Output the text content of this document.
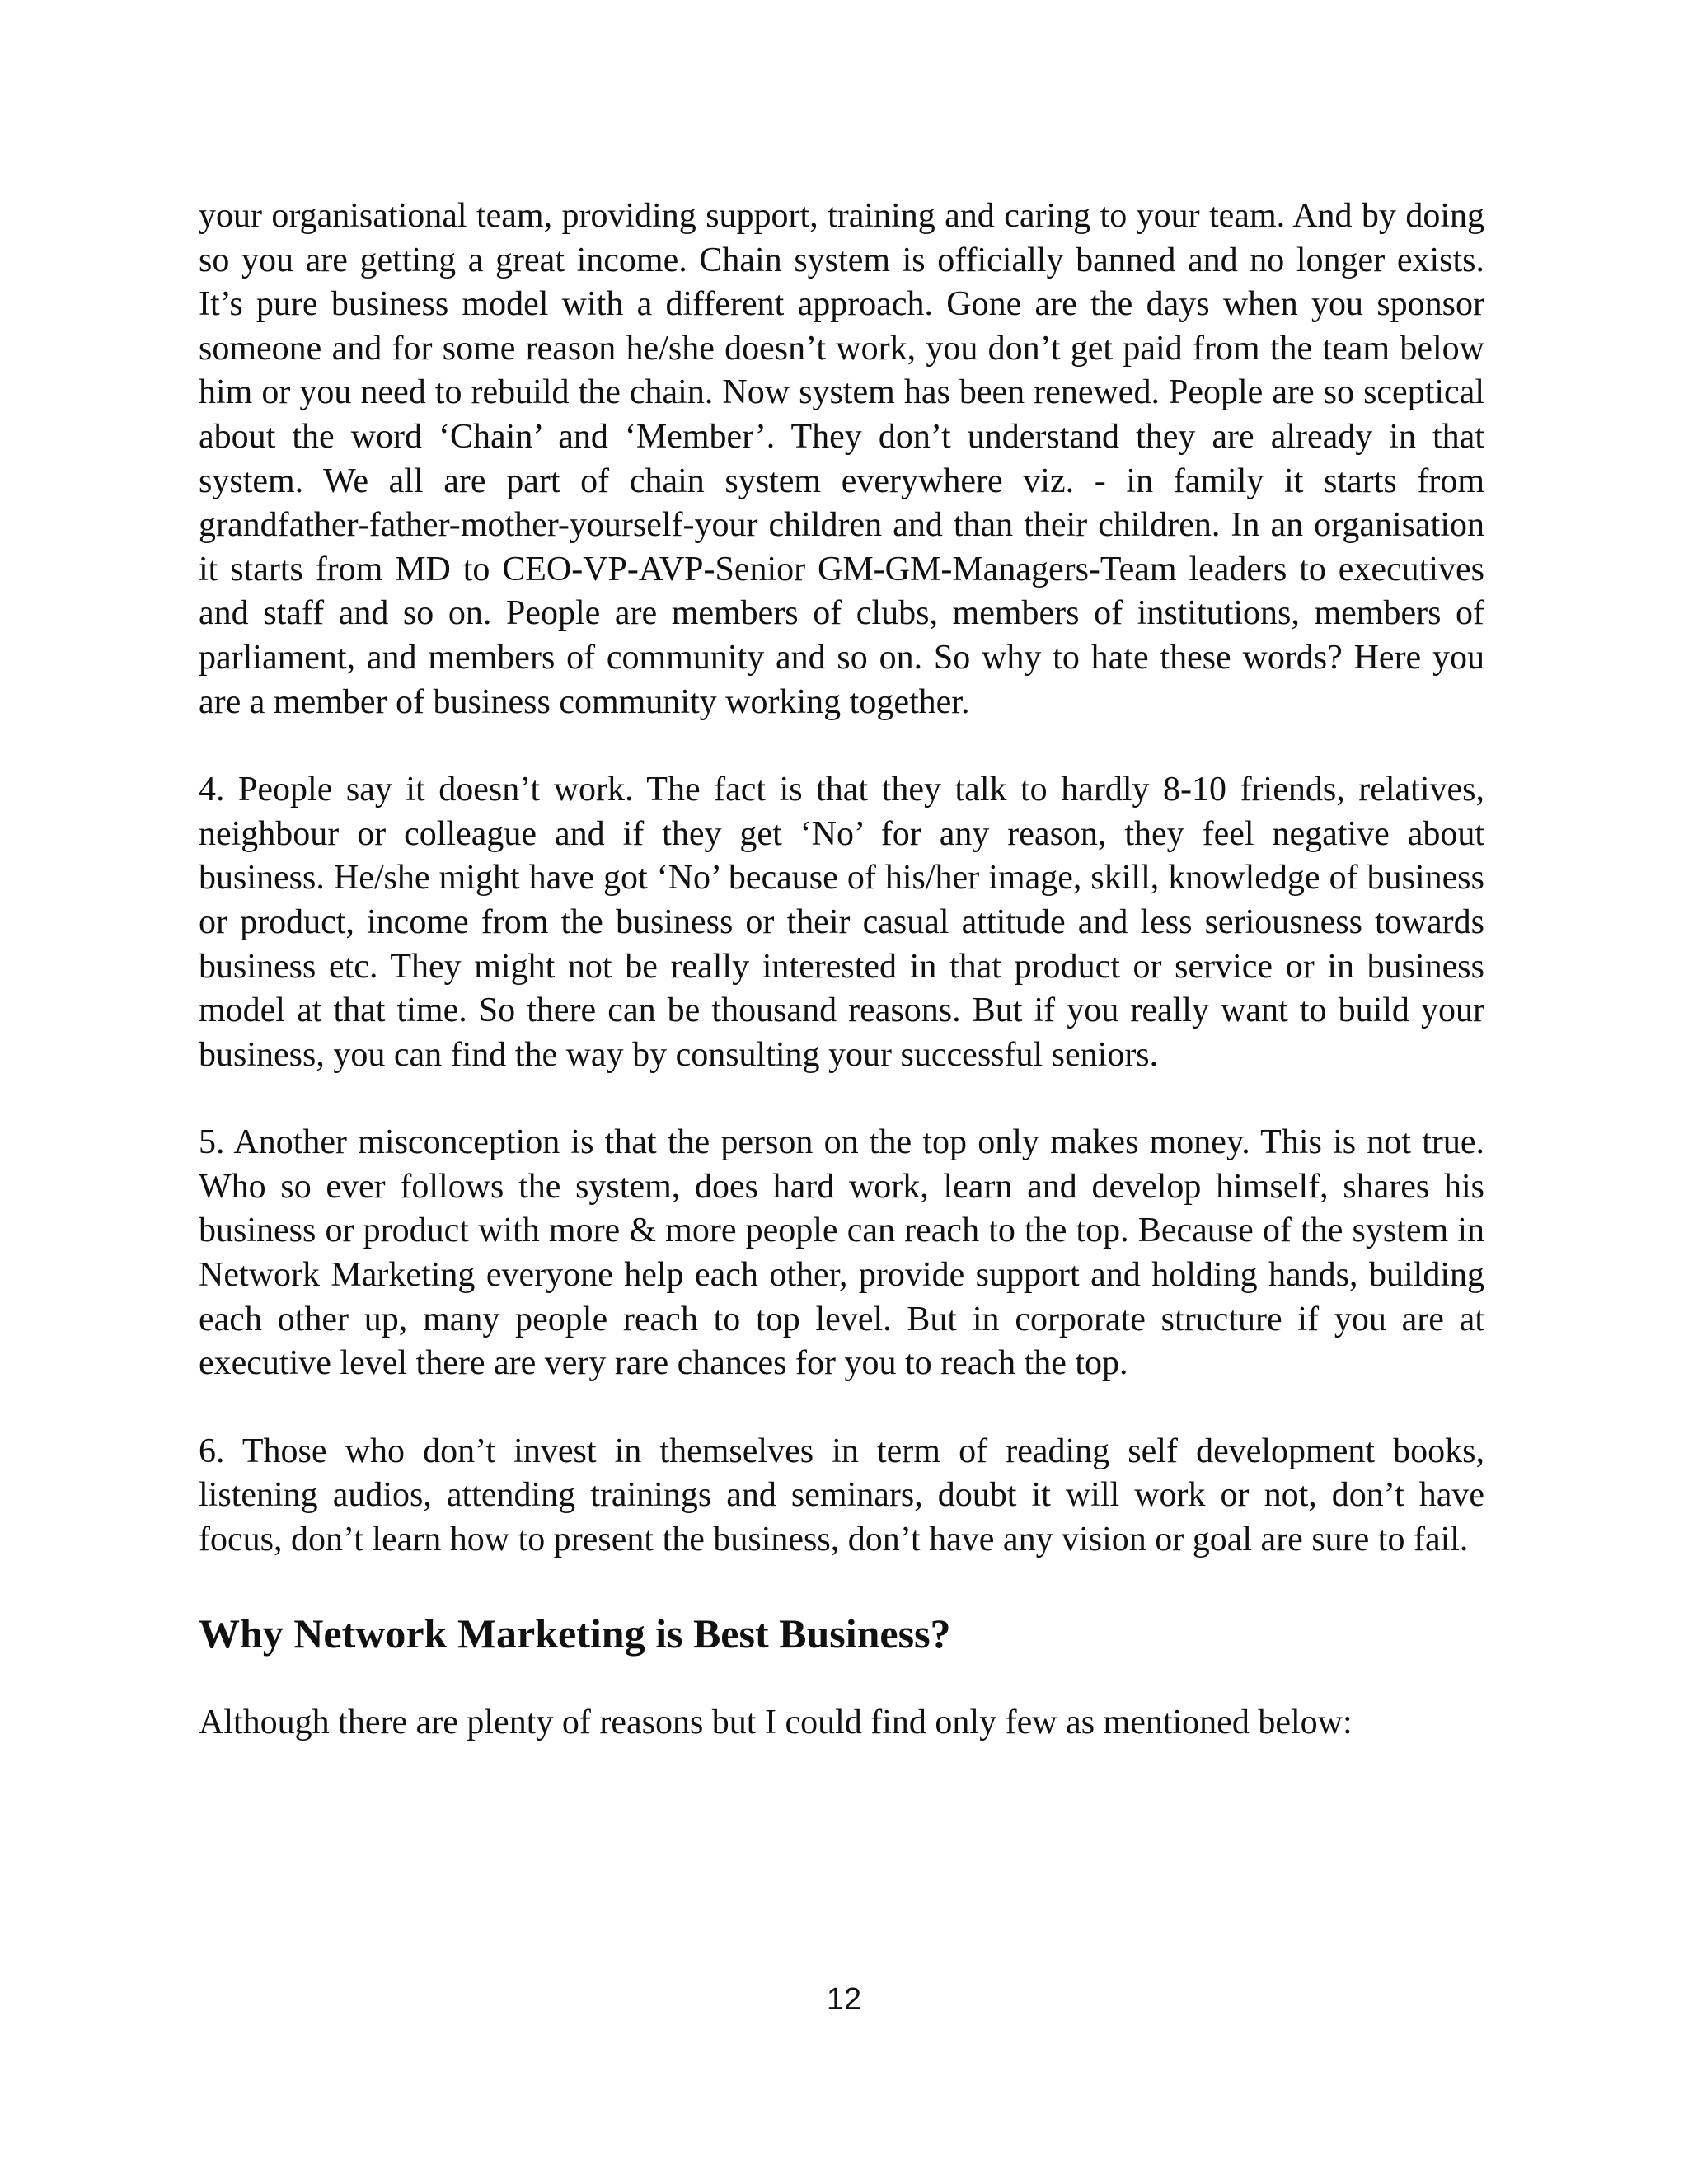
your organisational team, providing support, training and caring to your team. And by doing so you are getting a great income. Chain system is officially banned and no longer exists. It’s pure business model with a different approach. Gone are the days when you sponsor someone and for some reason he/she doesn’t work, you don’t get paid from the team below him or you need to rebuild the chain. Now system has been renewed. People are so sceptical about the word ‘Chain’ and ‘Member’. They don’t understand they are already in that system. We all are part of chain system everywhere viz. - in family it starts from grandfather-father-mother-yourself-your children and than their children. In an organisation it starts from MD to CEO-VP-AVP-Senior GM-GM-Managers-Team leaders to executives and staff and so on. People are members of clubs, members of institutions, members of parliament, and members of community and so on. So why to hate these words? Here you are a member of business community working together.

4. People say it doesn’t work. The fact is that they talk to hardly 8-10 friends, relatives, neighbour or colleague and if they get ‘No’ for any reason, they feel negative about business. He/she might have got ‘No’ because of his/her image, skill, knowledge of business or product, income from the business or their casual attitude and less seriousness towards business etc. They might not be really interested in that product or service or in business model at that time. So there can be thousand reasons. But if you really want to build your business, you can find the way by consulting your successful seniors.

5. Another misconception is that the person on the top only makes money. This is not true. Who so ever follows the system, does hard work, learn and develop himself, shares his business or product with more & more people can reach to the top. Because of the system in Network Marketing everyone help each other, provide support and holding hands, building each other up, many people reach to top level. But in corporate structure if you are at executive level there are very rare chances for you to reach the top.

6. Those who don’t invest in themselves in term of reading self development books, listening audios, attending trainings and seminars, doubt it will work or not, don’t have focus, don’t learn how to present the business, don’t have any vision or goal are sure to fail.

Why Network Marketing is Best Business?

Although there are plenty of reasons but I could find only few as mentioned below:

12
